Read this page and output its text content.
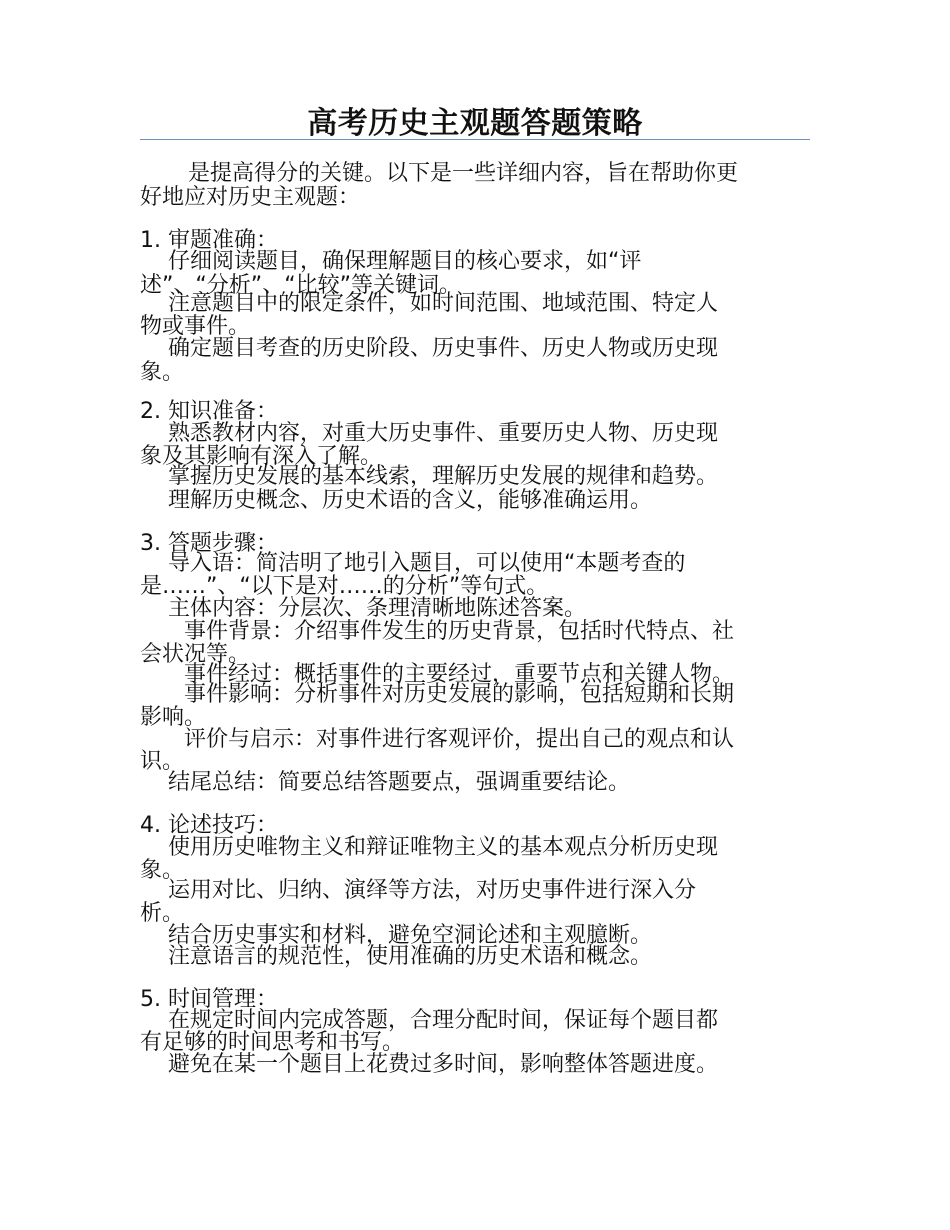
高考历史主观题答题策略
是提高得分的关键。以下是一些详细内容，旨在帮助你更
好地应对历史主观题：
1. 审题准确：
仔细阅读题目，确保理解题目的核心要求，如“评
述”、“分析”、“比较”等关键词。
注意题目中的限定条件，如时间范围、地域范围、特定人
物或事件。
确定题目考查的历史阶段、历史事件、历史人物或历史现
象。
2. 知识准备：
熟悉教材内容，对重大历史事件、重要历史人物、历史现
象及其影响有深入了解。
掌握历史发展的基本线索，理解历史发展的规律和趋势。
理解历史概念、历史术语的含义，能够准确运用。
3. 答题步骤：
导入语：简洁明了地引入题目，可以使用“本题考查的
是……”、“以下是对……的分析”等句式。
主体内容：分层次、条理清晰地陈述答案。
事件背景：介绍事件发生的历史背景，包括时代特点、社
会状况等。
事件经过：概括事件的主要经过，重要节点和关键人物。
事件影响：分析事件对历史发展的影响，包括短期和长期
影响。
评价与启示：对事件进行客观评价，提出自己的观点和认
识。
结尾总结：简要总结答题要点，强调重要结论。
4. 论述技巧：
使用历史唯物主义和辩证唯物主义的基本观点分析历史现
象。
运用对比、归纳、演绎等方法，对历史事件进行深入分
析。
结合历史事实和材料，避免空洞论述和主观臆断。
注意语言的规范性，使用准确的历史术语和概念。
5. 时间管理：
在规定时间内完成答题，合理分配时间，保证每个题目都
有足够的时间思考和书写。
避免在某一个题目上花费过多时间，影响整体答题进度。
